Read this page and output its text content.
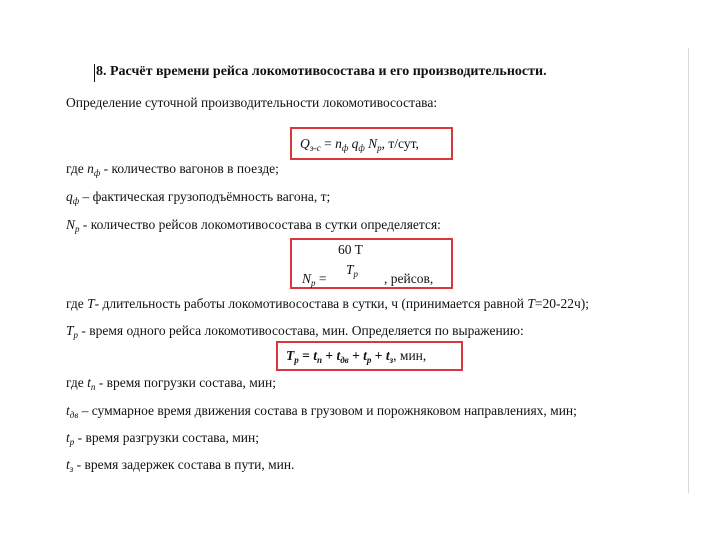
8. Расчёт времени рейса локомотивосостава и его производительности.
Определение суточной производительности локомотивосостава:
$Q_{э-с} = n_ф$ $q_ф$ $N_р$, т/сут,
где $n_ф$ - количество вагонов в поезде;
$q_ф$ – фактическая грузоподъёмность вагона, т;
$N_р$ - количество рейсов локомотивосостава в сутки определяется:
60 T
$T_р$
$N_р$ =	, рейсов,
где T- длительность работы локомотивосостава в сутки, ч (принимается равной T=20-22ч);
$T_р$ - время одного рейса локомотивосостава, мин. Определяется по выражению:
$T_р = t_п + t_{дв} + t_р + t_з$, мин,
где $t_п$ - время погрузки состава, мин;
$t_{дв}$ – суммарное время движения состава в грузовом и порожняковом направлениях, мин;
$t_р$ - время разгрузки состава, мин;
$t_з$ - время задержек состава в пути, мин.
